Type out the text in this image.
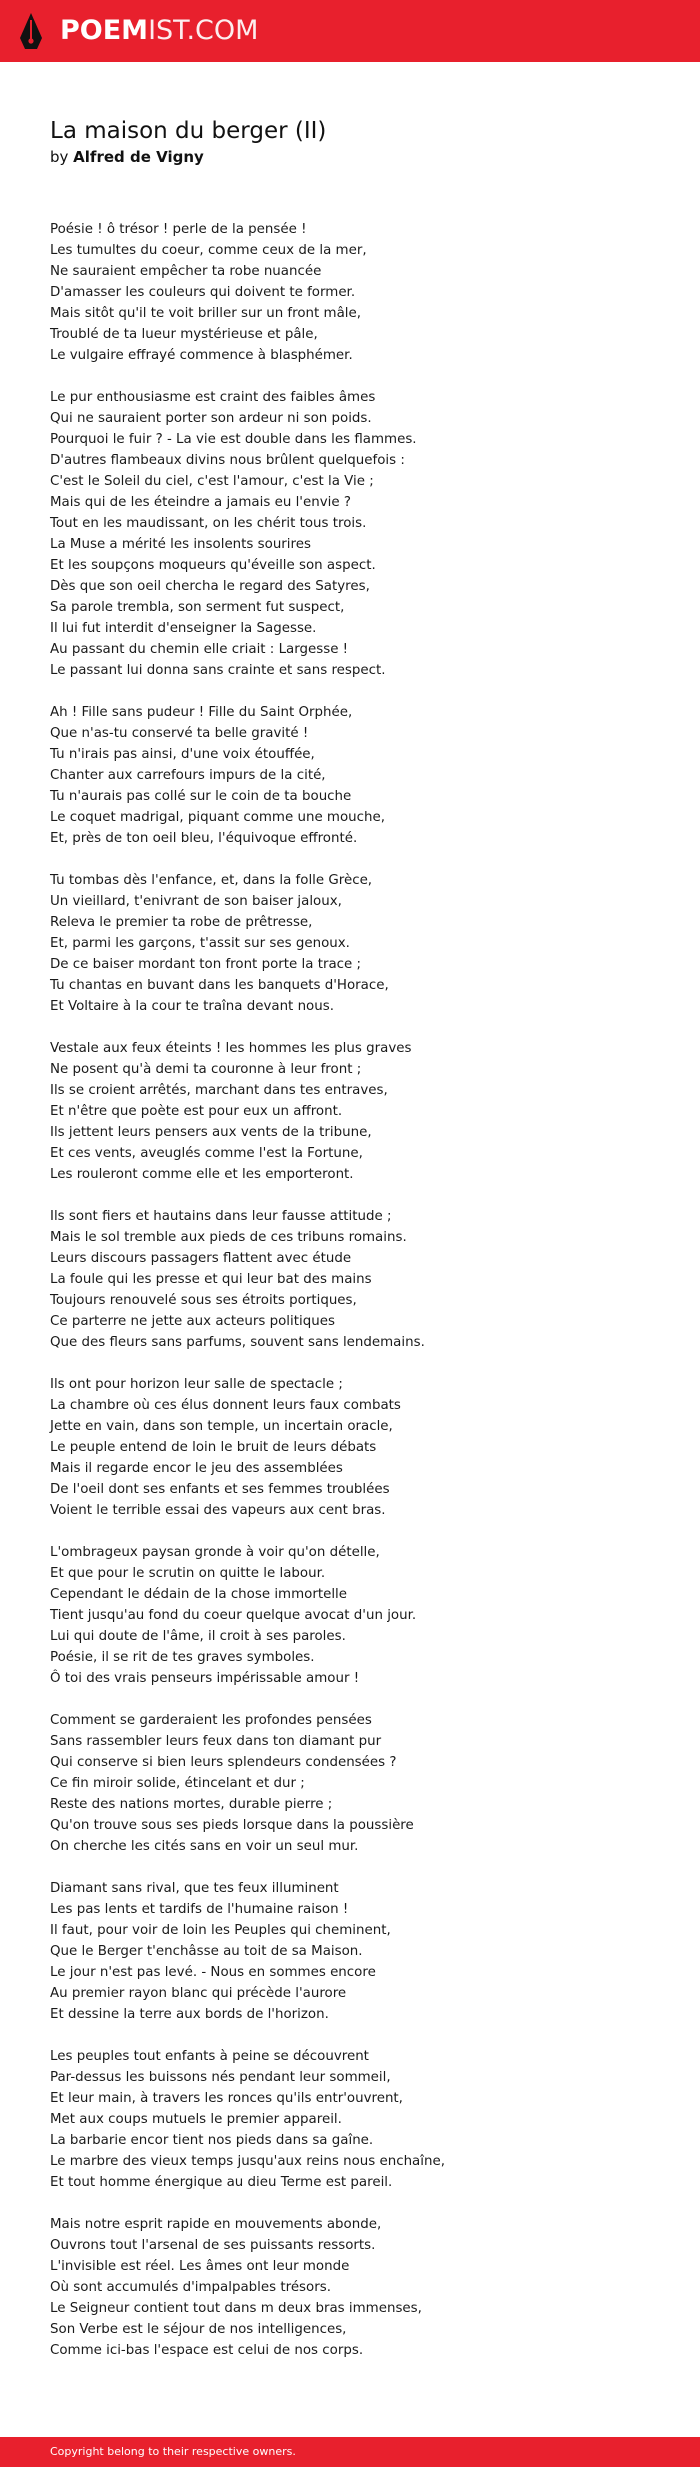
POEMIST.COM
La maison du berger (II)
by Alfred de Vigny
Poésie ! ô trésor ! perle de la pensée !
Les tumultes du coeur, comme ceux de la mer,
Ne sauraient empêcher ta robe nuancée
D'amasser les couleurs qui doivent te former.
Mais sitôt qu'il te voit briller sur un front mâle,
Troublé de ta lueur mystérieuse et pâle,
Le vulgaire effrayé commence à blasphémer.
Le pur enthousiasme est craint des faibles âmes
Qui ne sauraient porter son ardeur ni son poids.
Pourquoi le fuir ? - La vie est double dans les flammes.
D'autres flambeaux divins nous brûlent quelquefois :
C'est le Soleil du ciel, c'est l'amour, c'est la Vie ;
Mais qui de les éteindre a jamais eu l'envie ?
Tout en les maudissant, on les chérit tous trois.
La Muse a mérité les insolents sourires
Et les soupçons moqueurs qu'éveille son aspect.
Dès que son oeil chercha le regard des Satyres,
Sa parole trembla, son serment fut suspect,
Il lui fut interdit d'enseigner la Sagesse.
Au passant du chemin elle criait : Largesse !
Le passant lui donna sans crainte et sans respect.
Ah ! Fille sans pudeur ! Fille du Saint Orphée,
Que n'as-tu conservé ta belle gravité !
Tu n'irais pas ainsi, d'une voix étouffée,
Chanter aux carrefours impurs de la cité,
Tu n'aurais pas collé sur le coin de ta bouche
Le coquet madrigal, piquant comme une mouche,
Et, près de ton oeil bleu, l'équivoque effronté.
Tu tombas dès l'enfance, et, dans la folle Grèce,
Un vieillard, t'enivrant de son baiser jaloux,
Releva le premier ta robe de prêtresse,
Et, parmi les garçons, t'assit sur ses genoux.
De ce baiser mordant ton front porte la trace ;
Tu chantas en buvant dans les banquets d'Horace,
Et Voltaire à la cour te traîna devant nous.
Vestale aux feux éteints ! les hommes les plus graves
Ne posent qu'à demi ta couronne à leur front ;
Ils se croient arrêtés, marchant dans tes entraves,
Et n'être que poète est pour eux un affront.
Ils jettent leurs pensers aux vents de la tribune,
Et ces vents, aveuglés comme l'est la Fortune,
Les rouleront comme elle et les emporteront.
Ils sont fiers et hautains dans leur fausse attitude ;
Mais le sol tremble aux pieds de ces tribuns romains.
Leurs discours passagers flattent avec étude
La foule qui les presse et qui leur bat des mains
Toujours renouvelé sous ses étroits portiques,
Ce parterre ne jette aux acteurs politiques
Que des fleurs sans parfums, souvent sans lendemains.
Ils ont pour horizon leur salle de spectacle ;
La chambre où ces élus donnent leurs faux combats
Jette en vain, dans son temple, un incertain oracle,
Le peuple entend de loin le bruit de leurs débats
Mais il regarde encor le jeu des assemblées
De l'oeil dont ses enfants et ses femmes troublées
Voient le terrible essai des vapeurs aux cent bras.
L'ombrageux paysan gronde à voir qu'on dételle,
Et que pour le scrutin on quitte le labour.
Cependant le dédain de la chose immortelle
Tient jusqu'au fond du coeur quelque avocat d'un jour.
Lui qui doute de l'âme, il croit à ses paroles.
Poésie, il se rit de tes graves symboles.
Ô toi des vrais penseurs impérissable amour !
Comment se garderaient les profondes pensées
Sans rassembler leurs feux dans ton diamant pur
Qui conserve si bien leurs splendeurs condensées ?
Ce fin miroir solide, étincelant et dur ;
Reste des nations mortes, durable pierre ;
Qu'on trouve sous ses pieds lorsque dans la poussière
On cherche les cités sans en voir un seul mur.
Diamant sans rival, que tes feux illuminent
Les pas lents et tardifs de l'humaine raison !
Il faut, pour voir de loin les Peuples qui cheminent,
Que le Berger t'enchâsse au toit de sa Maison.
Le jour n'est pas levé. - Nous en sommes encore
Au premier rayon blanc qui précède l'aurore
Et dessine la terre aux bords de l'horizon.
Les peuples tout enfants à peine se découvrent
Par-dessus les buissons nés pendant leur sommeil,
Et leur main, à travers les ronces qu'ils entr'ouvrent,
Met aux coups mutuels le premier appareil.
La barbarie encor tient nos pieds dans sa gaîne.
Le marbre des vieux temps jusqu'aux reins nous enchaîne,
Et tout homme énergique au dieu Terme est pareil.
Mais notre esprit rapide en mouvements abonde,
Ouvrons tout l'arsenal de ses puissants ressorts.
L'invisible est réel. Les âmes ont leur monde
Où sont accumulés d'impalpables trésors.
Le Seigneur contient tout dans m deux bras immenses,
Son Verbe est le séjour de nos intelligences,
Comme ici-bas l'espace est celui de nos corps.
Copyright belong to their respective owners.
